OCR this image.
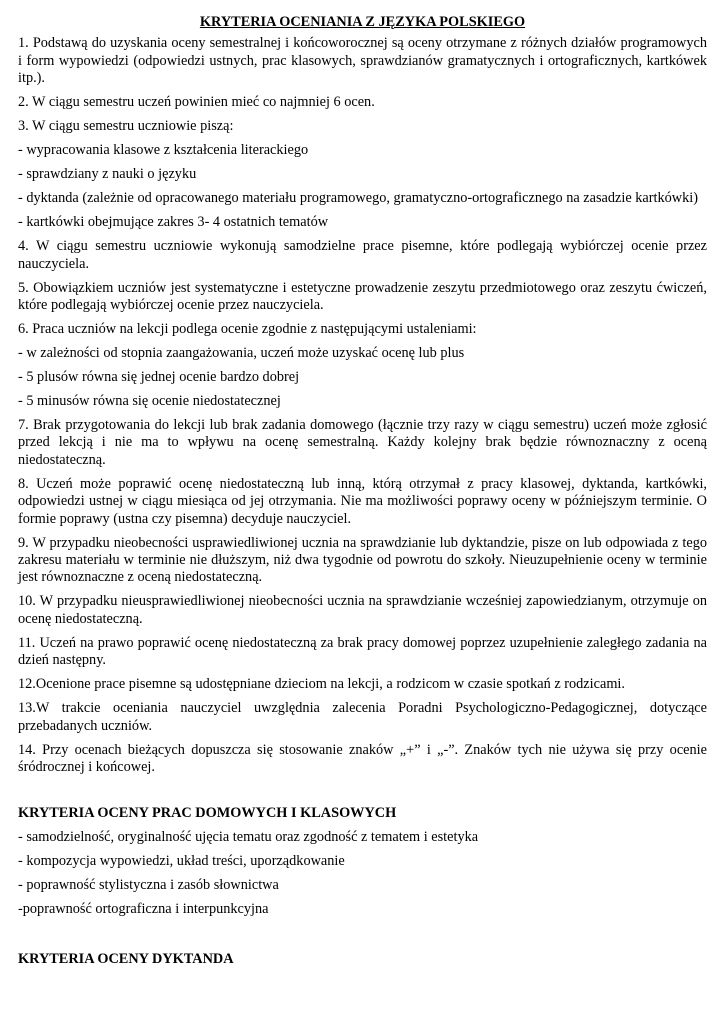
KRYTERIA OCENIANIA Z JĘZYKA POLSKIEGO

1. Podstawą do uzyskania oceny semestralnej i końcoworocznej są oceny otrzymane z różnych działów programowych i form wypowiedzi (odpowiedzi ustnych, prac klasowych, sprawdzianów gramatycznych i ortograficznych, kartkówek itp.).

2. W ciągu semestru uczeń powinien mieć co najmniej 6 ocen.

3. W ciągu semestru uczniowie piszą:

- wypracowania klasowe z kształcenia literackiego

- sprawdziany z nauki o języku

- dyktanda (zależnie od opracowanego materiału programowego, gramatyczno-ortograficznego na zasadzie kartkówki)

- kartkówki obejmujące zakres 3- 4 ostatnich tematów

4. W ciągu semestru uczniowie wykonują samodzielne prace pisemne, które podlegają wybiórczej ocenie przez nauczyciela.

5. Obowiązkiem uczniów jest systematyczne i estetyczne prowadzenie zeszytu przedmiotowego oraz zeszytu ćwiczeń, które podlegają wybiórczej ocenie przez nauczyciela.

6. Praca uczniów na lekcji podlega ocenie zgodnie z następującymi ustaleniami:

- w zależności od stopnia zaangażowania, uczeń może uzyskać ocenę lub plus

- 5 plusów równa się jednej ocenie bardzo dobrej

- 5 minusów równa się ocenie niedostatecznej

7. Brak przygotowania do lekcji lub brak zadania domowego (łącznie trzy razy w ciągu semestru) uczeń może zgłosić przed lekcją i nie ma to wpływu na ocenę semestralną. Każdy kolejny brak będzie równoznaczny z oceną niedostateczną.

8. Uczeń może poprawić ocenę niedostateczną lub inną, którą otrzymał z pracy klasowej, dyktanda, kartkówki, odpowiedzi ustnej w ciągu miesiąca od jej otrzymania. Nie ma możliwości poprawy oceny w późniejszym terminie. O formie poprawy (ustna czy pisemna) decyduje nauczyciel.

9. W przypadku nieobecności usprawiedliwionej ucznia na sprawdzianie lub dyktandzie, pisze on lub odpowiada z tego zakresu materiału w terminie nie dłuższym, niż dwa tygodnie od powrotu do szkoły. Nieuzupełnienie oceny w terminie jest równoznaczne z oceną niedostateczną.

10. W przypadku nieusprawiedliwionej nieobecności ucznia na sprawdzianie wcześniej zapowiedzianym, otrzymuje on ocenę niedostateczną.

11. Uczeń na prawo poprawić ocenę niedostateczną za brak pracy domowej poprzez uzupełnienie zaległego zadania na dzień następny.

12.Ocenione prace pisemne są udostępniane dzieciom na lekcji, a rodzicom w czasie spotkań z rodzicami.

13.W trakcie oceniania nauczyciel uwzględnia zalecenia Poradni Psychologiczno-Pedagogicznej, dotyczące przebadanych uczniów.

14. Przy ocenach bieżących dopuszcza się stosowanie znaków „+” i „-”. Znaków tych nie używa się przy ocenie śródrocznej i końcowej.

KRYTERIA OCENY PRAC DOMOWYCH I KLASOWYCH

- samodzielność, oryginalność ujęcia tematu oraz zgodność z tematem i estetyka

- kompozycja wypowiedzi, układ treści, uporządkowanie

- poprawność stylistyczna i zasób słownictwa

-poprawność ortograficzna i interpunkcyjna

KRYTERIA OCENY DYKTANDA
